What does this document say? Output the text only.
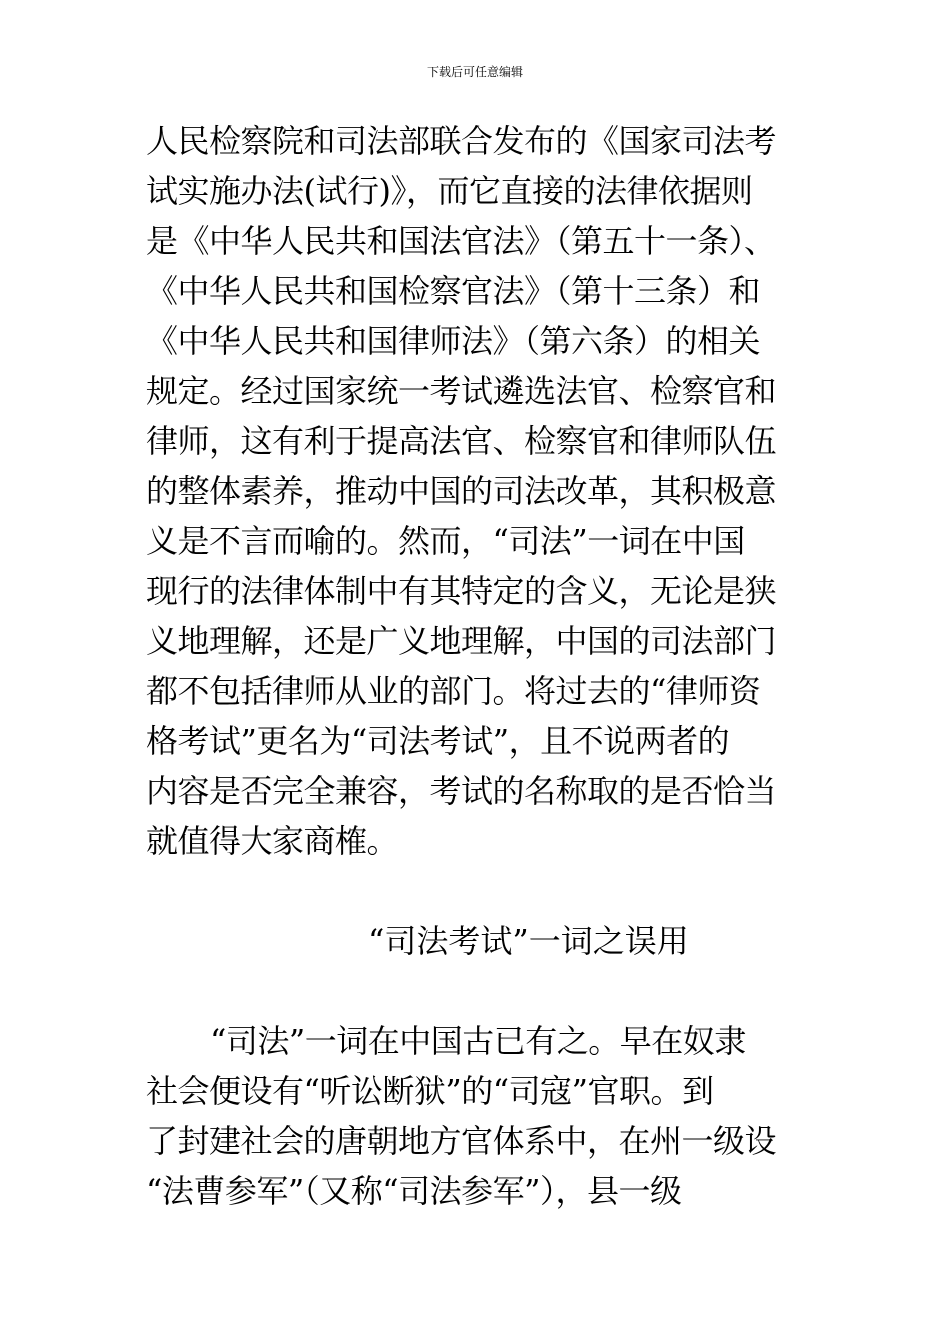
下载后可任意编辑
人民检察院和司法部联合发布的《国家司法考
试实施办法(试行)》，而它直接的法律依据则
是《中华人民共和国法官法》（第五十一条）、
《中华人民共和国检察官法》（第十三条）和
《中华人民共和国律师法》（第六条）的相关
规定。经过国家统一考试遴选法官、检察官和
律师，这有利于提高法官、检察官和律师队伍
的整体素养，推动中国的司法改革，其积极意
义是不言而喻的。然而，“司法”一词在中国
现行的法律体制中有其特定的含义，无论是狭
义地理解，还是广义地理解，中国的司法部门
都不包括律师从业的部门。将过去的“律师资
格考试”更名为“司法考试”，且不说两者的
内容是否完全兼容，考试的名称取的是否恰当
就值得大家商榷。
“司法考试”一词之误用
“司法”一词在中国古已有之。早在奴隶
社会便设有“听讼断狱”的“司寇”官职。到
了封建社会的唐朝地方官体系中，在州一级设
“法曹参军”（又称“司法参军”），县一级
